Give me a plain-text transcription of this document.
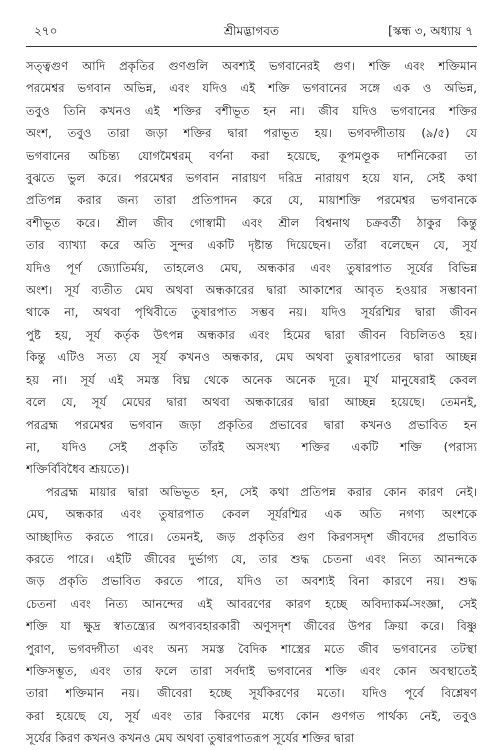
২৭০	শ্রীমদ্ভাগবত	[স্কন্ধ ৩, অধ্যায় ৭
সত্ত্বগুণ আদি প্রকৃতির গুণগুলি অবশ্যই ভগবানেরই গুণ। শক্তি এবং শক্তিমান
পরমেশ্বর ভগবান অভিন্ন, এবং যদিও এই শক্তি ভগবানের সঙ্গে এক ও অভিন্ন,
তবুও তিনি কখনও এই শক্তির বশীভূত হন না। জীব যদিও ভগবানের শক্তির
অংশ, তবুও তারা জড়া শক্তির দ্বারা পরাভূত হয়। ভগবদ্গীতায় (৯/৫) যে
ভগবানের অচিন্ত্য যোগমৈশ্বরম্ বর্ণনা করা হয়েছে, কূপমণ্ডূক দার্শনিকেরা তা
বুঝতে ভুল করে। পরমেশ্বর ভগবান নারায়ণ দরিদ্র নারায়ণ হয়ে যান, সেই কথা
প্রতিপন্ন করার জন্য তারা প্রতিপাদন করে যে, মায়াশক্তি পরমেশ্বর ভগবানকে
বশীভূত করে। শ্রীল জীব গোস্বামী এবং শ্রীল বিশ্বনাথ চক্রবর্তী ঠাকুর কিন্তু
তার ব্যাখ্যা করে অতি সুন্দর একটি দৃষ্টান্ত দিয়েছেন। তাঁরা বলেছেন যে, সূর্য
যদিও পূর্ণ জ্যোতির্ময়, তাহলেও মেঘ, অন্ধকার এবং তুষারপাত সূর্যের বিভিন্ন
অংশ। সূর্য ব্যতীত মেঘ অথবা অন্ধকারের দ্বারা আকাশের আবৃত হওয়ার সম্ভাবনা
থাকে না, অথবা পৃথিবীতে তুষারপাত সম্ভব নয়। যদিও সূর্যরশ্মির দ্বারা জীবন
পুষ্ট হয়, সূর্য কর্তৃক উৎপন্ন অন্ধকার এবং হিমের দ্বারা জীবন বিচলিতও হয়।
কিন্তু এটিও সত্য যে সূর্য কখনও অন্ধকার, মেঘ অথবা তুষারপাতের দ্বারা আচ্ছন্ন
হয় না। সূর্য এই সমস্ত বিঘ্ন থেকে অনেক অনেক দূরে। মূর্খ মানুষেরাই কেবল
বলে যে, সূর্য মেঘের দ্বারা অথবা অন্ধকারের দ্বারা আচ্ছন্ন হয়েছে। তেমনই,
পরব্রহ্ম পরমেশ্বর ভগবান জড়া প্রকৃতির প্রভাবের দ্বারা কখনও প্রভাবিত হন
না, যদিও সেই প্রকৃতি তাঁরই অসংখ্য শক্তির একটি শক্তি (পরাস্য
শক্তির্বিবিধৈব শ্রূয়তে)।
পরব্রহ্ম মায়ার দ্বারা অভিভূত হন, সেই কথা প্রতিপন্ন করার কোন কারণ নেই।
মেঘ, অন্ধকার এবং তুষারপাত কেবল সূর্যরশ্মির এক অতি নগণ্য অংশকে
আচ্ছাদিত করতে পারে। তেমনই, জড় প্রকৃতির গুণ কিরণসদৃশ জীবদের প্রভাবিত
করতে পারে। এইটি জীবের দুর্ভাগ্য যে, তার শুদ্ধ চেতনা এবং নিত্য আনন্দকে
জড় প্রকৃতি প্রভাবিত করতে পারে, যদিও তা অবশ্যই বিনা কারণে নয়। শুদ্ধ
চেতনা এবং নিত্য আনন্দের এই আবরণের কারণ হচ্ছে অবিদ্যাকর্ম-সংজ্ঞা, সেই
শক্তি যা ক্ষুদ্র স্বাতন্ত্র্যের অপব্যবহারকারী অণুসদৃশ জীবের উপর ক্রিয়া করে। বিষ্ণু
পুরাণ, ভগবদ্গীতা এবং অন্য সমস্ত বৈদিক শাস্ত্রের মতে জীব ভগবানের তটস্থা
শক্তিসম্ভূত, এবং তার ফলে তারা সর্বদাই ভগবানের শক্তি এবং কোন অবস্থাতেই
তারা শক্তিমান নয়। জীবেরা হচ্ছে সূর্যকিরণের মতো। যদিও পূর্বে বিশ্লেষণ
করা হয়েছে যে, সূর্য এবং তার কিরণের মধ্যে কোন গুণগত পার্থক্য নেই, তবুও
সূর্যের কিরণ কখনও কখনও মেঘ অথবা তুষারপাতরূপ সূর্যের শক্তির দ্বারা
